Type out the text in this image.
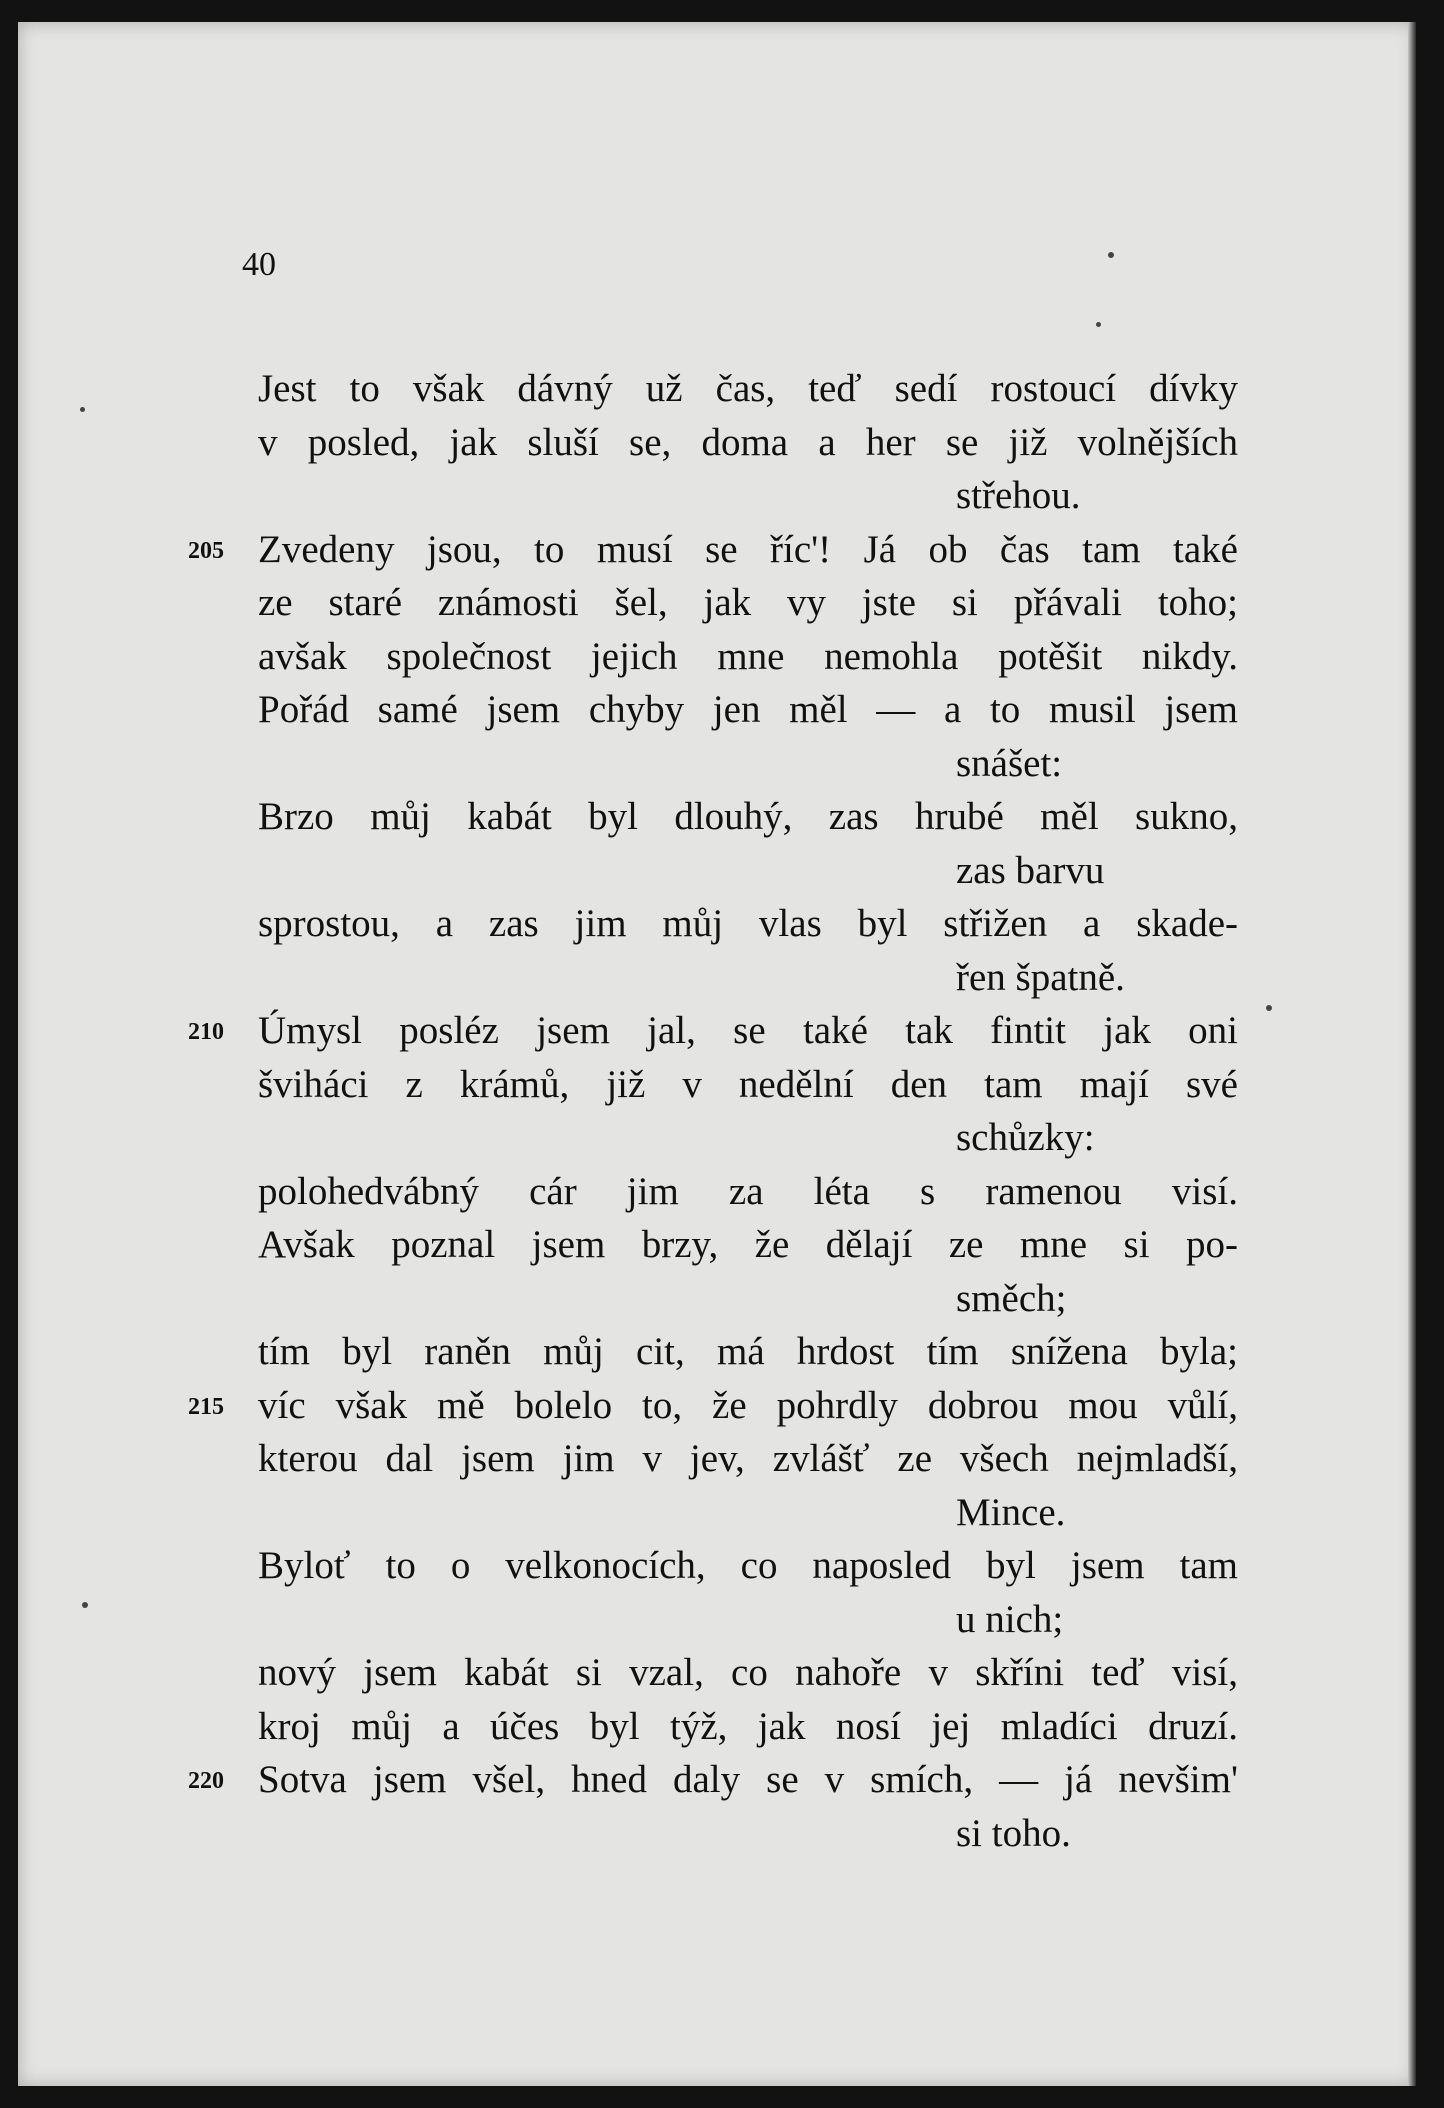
40
Jest to však dávný už čas, teď sedí rostoucí dívky
v posled, jak sluší se, doma a her se již volnějších
střehou.
205 Zvedeny jsou, to musí se říc'! Já ob čas tam také
ze staré známosti šel, jak vy jste si přávali toho;
avšak společnost jejich mne nemohla potěšit nikdy.
Pořád samé jsem chyby jen měl — a to musil jsem
snášet:
Brzo můj kabát byl dlouhý, zas hrubé měl sukno,
zas barvu
sprostou, a zas jim můj vlas byl střižen a skade-
řen špatně.
210 Úmysl posléz jsem jal, se také tak fintit jak oni
šviháci z krámů, již v nedělní den tam mají své
schůzky:
polohedvábný cár jim za léta s ramenou visí.
Avšak poznal jsem brzy, že dělají ze mne si po-
směch;
tím byl raněn můj cit, má hrdost tím snížena byla;
215 víc však mě bolelo to, že pohrdly dobrou mou vůlí,
kterou dal jsem jim v jev, zvlášť ze všech nejmladší,
Mince.
Byloť to o velkonocích, co naposled byl jsem tam
u nich;
nový jsem kabát si vzal, co nahoře v skříni teď visí,
kroj můj a účes byl týž, jak nosí jej mladíci druzí.
220 Sotva jsem všel, hned daly se v smích, — já nevšim'
si toho.
